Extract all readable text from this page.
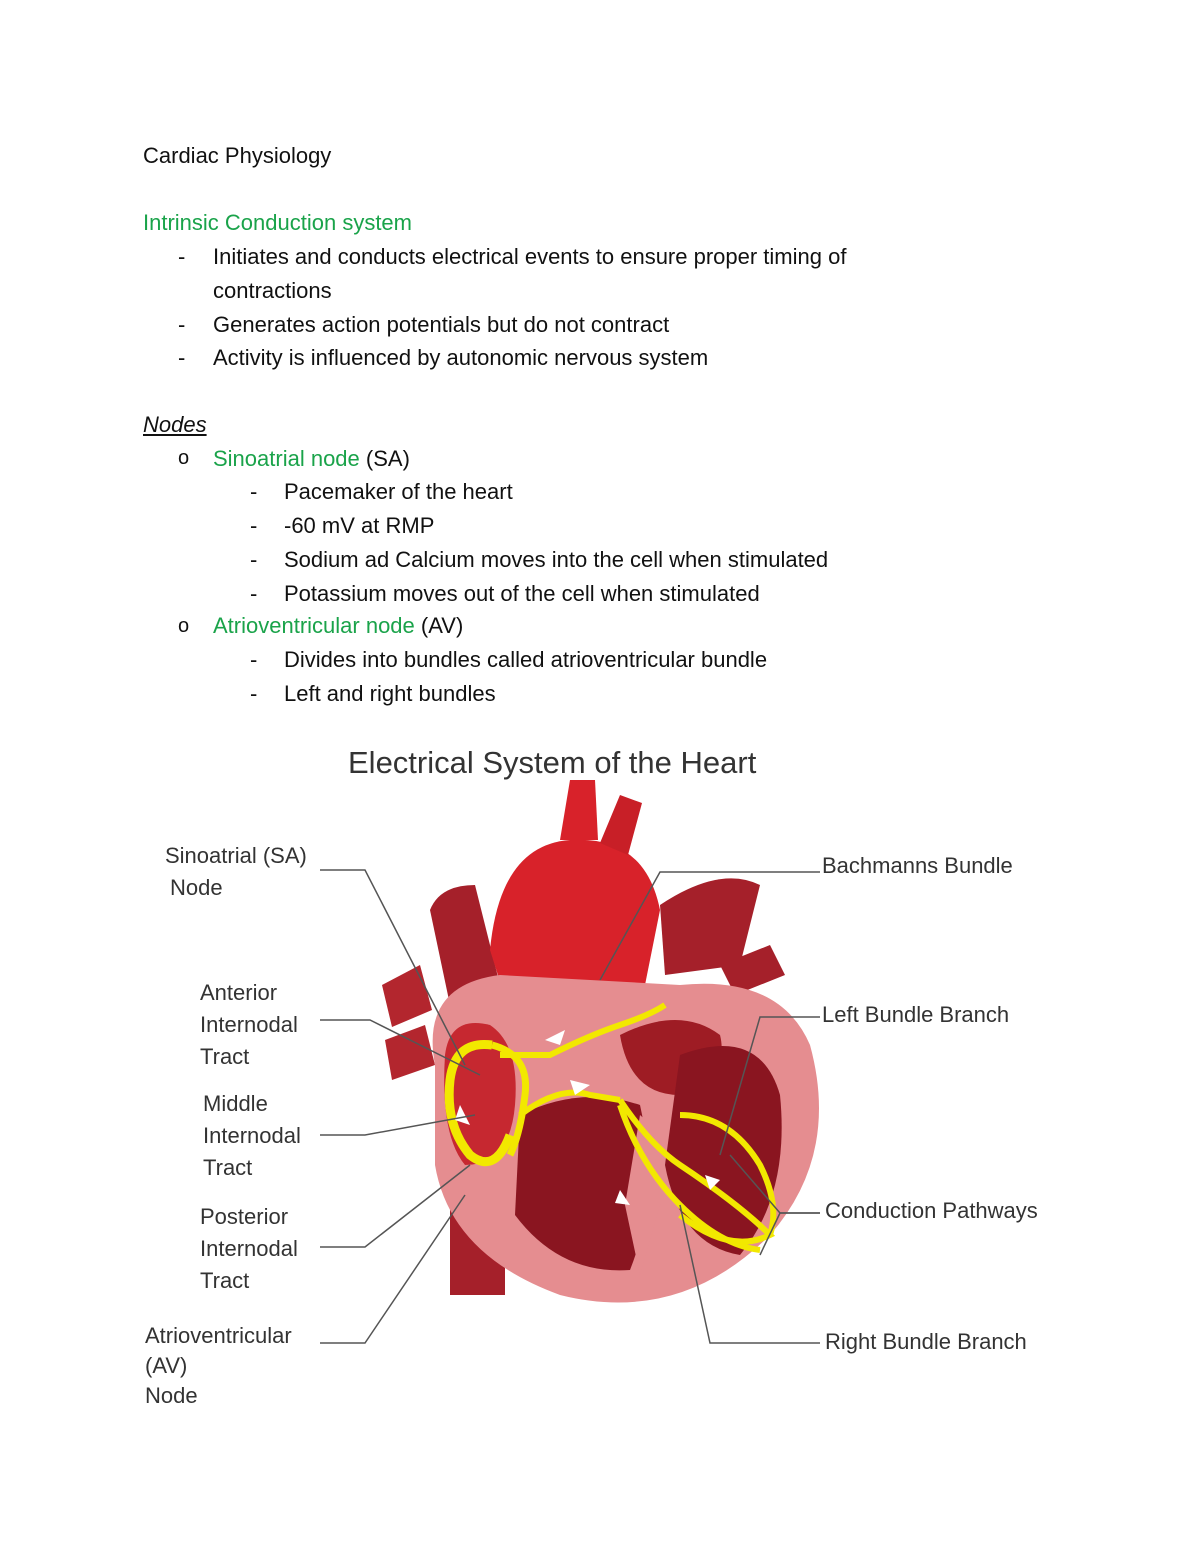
Cardiac Physiology
Intrinsic Conduction system
- Initiates and conducts electrical events to ensure proper timing of
contractions
- Generates action potentials but do not contract
- Activity is influenced by autonomic nervous system
Nodes
o Sinoatrial node (SA)
- Pacemaker of the heart
- -60 mV at RMP
- Sodium ad Calcium moves into the cell when stimulated
- Potassium moves out of the cell when stimulated
o Atrioventricular node (AV)
- Divides into bundles called atrioventricular bundle
- Left and right bundles
Electrical System of the Heart
Sinoatrial (SA)
Node
Anterior
Internodal
Tract
Middle
Internodal
Tract
Posterior
Internodal
Tract
Atrioventricular
(AV)
Node
Bachmanns Bundle
Left Bundle Branch
Conduction Pathways
Right Bundle Branch
